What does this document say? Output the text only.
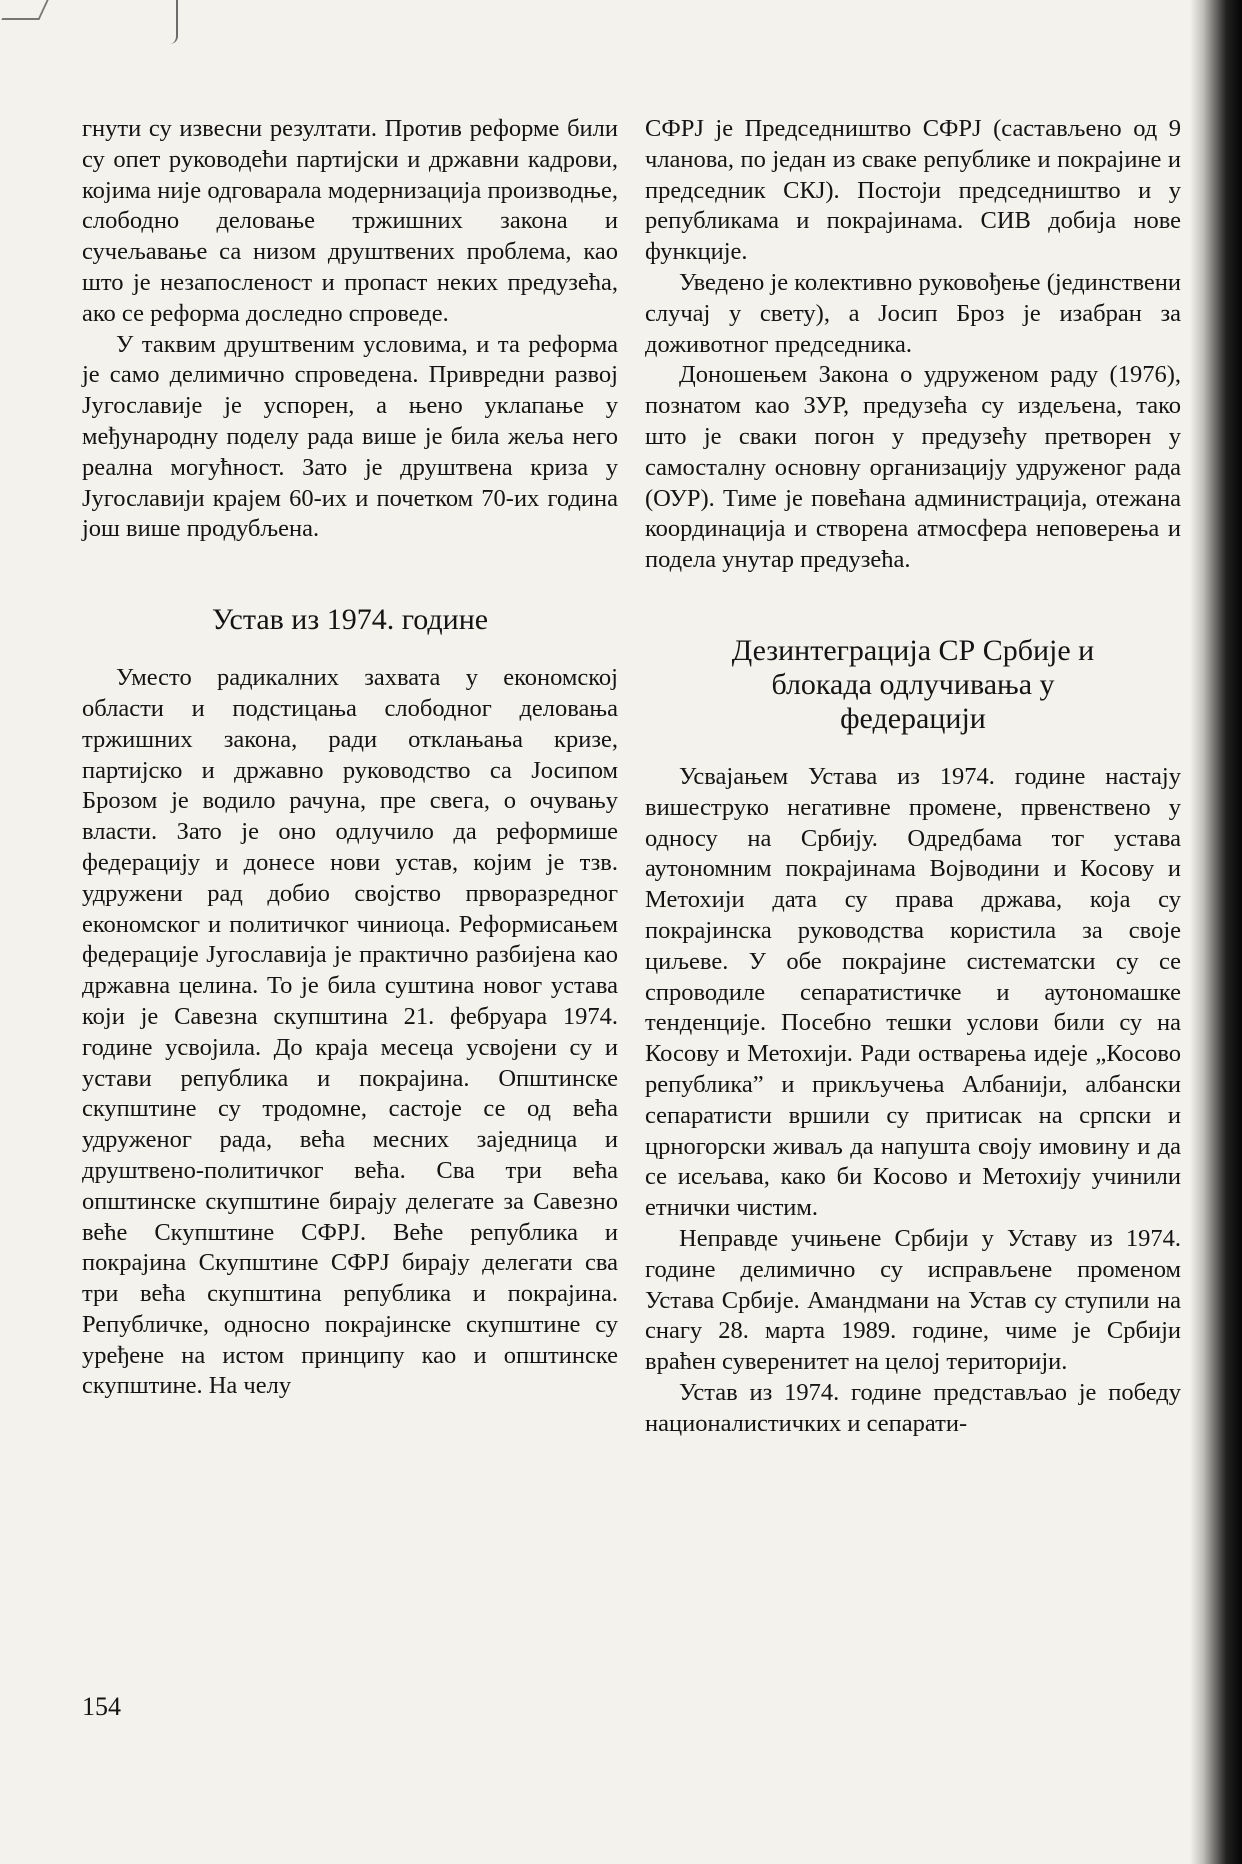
гнути су извесни резултати. Против реформе били су опет руководећи партијски и државни кадрови, којима није одговарала модернизација производње, слободно деловање тржишних закона и сучељавање са низом друштвених проблема, као што је незапосленост и пропаст неких предузећа, ако се реформа доследно спроведе.

У таквим друштвеним условима, и та реформа је само делимично спроведена. Привредни развој Југославије је успорен, а њено уклапање у међународну поделу рада више је била жеља него реална могућност. Зато је друштвена криза у Југославији крајем 60-их и почетком 70-их година још више продубљена.

Устав из 1974. године

Уместо радикалних захвата у економској области и подстицања слободног деловања тржишних закона, ради отклањања кризе, партијско и државно руководство са Јосипом Брозом је водило рачуна, пре свега, о очувању власти. Зато је оно одлучило да реформише федерацију и донесе нови устав, којим је тзв. удружени рад добио својство прворазредног економског и политичког чиниоца. Реформисањем федерације Југославија је практично разбијена као државна целина. То је била суштина новог устава који је Савезна скупштина 21. фебруара 1974. године усвојила. До краја месеца усвојени су и устави република и покрајина. Општинске скупштине су тродомне, састоје се од већа удруженог рада, већа месних заједница и друштвено-политичког већа. Сва три већа општинске скупштине бирају делегате за Савезно веће Скупштине СФРЈ. Веће република и покрајина Скупштине СФРЈ бирају делегати сва три већа скупштина република и покрајина. Републичке, односно покрајинске скупштине су уређене на истом принципу као и општинске скупштине. На челу

СФРЈ је Председништво СФРЈ (састављено од 9 чланова, по један из сваке републике и покрајине и председник СКЈ). Постоји председништво и у републикама и покрајинама. СИВ добија нове функције.

Уведено је колективно руковођење (јединствени случај у свету), а Јосип Броз је изабран за доживотног председника.

Доношењем Закона о удруженом раду (1976), познатом као ЗУР, предузећа су издељена, тако што је сваки погон у предузећу претворен у самосталну основну организацију удруженог рада (ОУР). Тиме је повећана администрација, отежана координација и створена атмосфера неповерења и подела унутар предузећа.

Дезинтеграција СР Србије и
блокада одлучивања у
федерацији

Усвајањем Устава из 1974. године настају вишеструко негативне промене, првенствено у односу на Србију. Одредбама тог устава аутономним покрајинама Војводини и Косову и Метохији дата су права држава, која су покрајинска руководства користила за своје циљеве. У обе покрајине систематски су се спроводиле сепаратистичке и аутономашке тенденције. Посебно тешки услови били су на Косову и Метохији. Ради остварења идеје „Косово република” и прикључења Албанији, албански сепаратисти вршили су притисак на српски и црногорски живаљ да напушта своју имовину и да се исељава, како би Косово и Метохију учинили етнички чистим.

Неправде учињене Србији у Уставу из 1974. године делимично су исправљене променом Устава Србије. Амандмани на Устав су ступили на снагу 28. марта 1989. године, чиме је Србији враћен суверенитет на целој територији.

Устав из 1974. године представљао је победу националистичких и сепарати-

154
